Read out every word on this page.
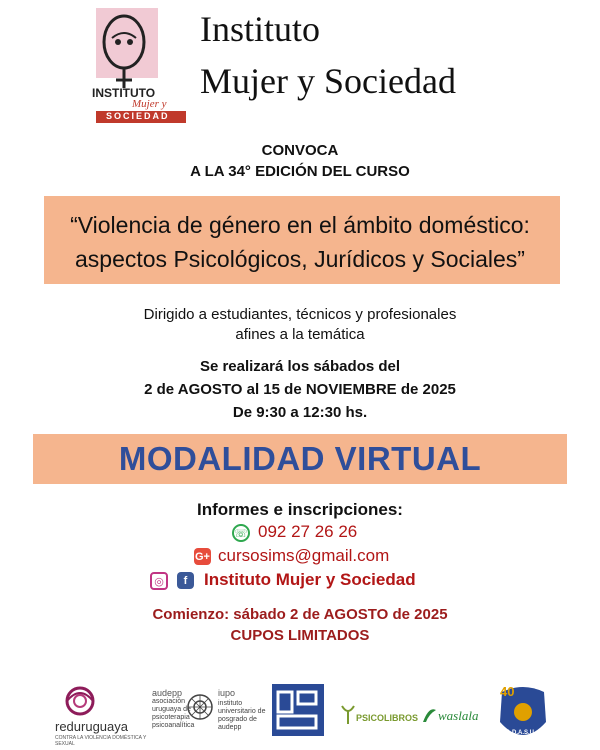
INSTITUTO
Mujer y
SOCIEDAD
Instituto
Mujer y Sociedad
CONVOCA
A LA 34° EDICIÓN DEL CURSO
“Violencia de género en el ámbito doméstico:
aspectos Psicológicos, Jurídicos y Sociales”
Dirigido a estudiantes, técnicos y profesionales
afines a la temática
Se realizará los sábados del
2 de AGOSTO al 15 de NOVIEMBRE de 2025
De 9:30 a 12:30 hs.
MODALIDAD VIRTUAL
Informes e inscripciones:
☏ 092 27 26 26
G+ cursosims@gmail.com
◎	f Instituto Mujer y Sociedad
Comienzo: sábado 2 de AGOSTO de 2025
CUPOS LIMITADOS
reduruguaya
CONTRA LA VIOLENCIA DOMÉSTICA Y SEXUAL
audepp
asociación uruguaya de psicoterapia psicoanalítica
iupo
instituto universitario de posgrado de audepp
PSICOLIBROS waslala
40
A.D.A.S.U
